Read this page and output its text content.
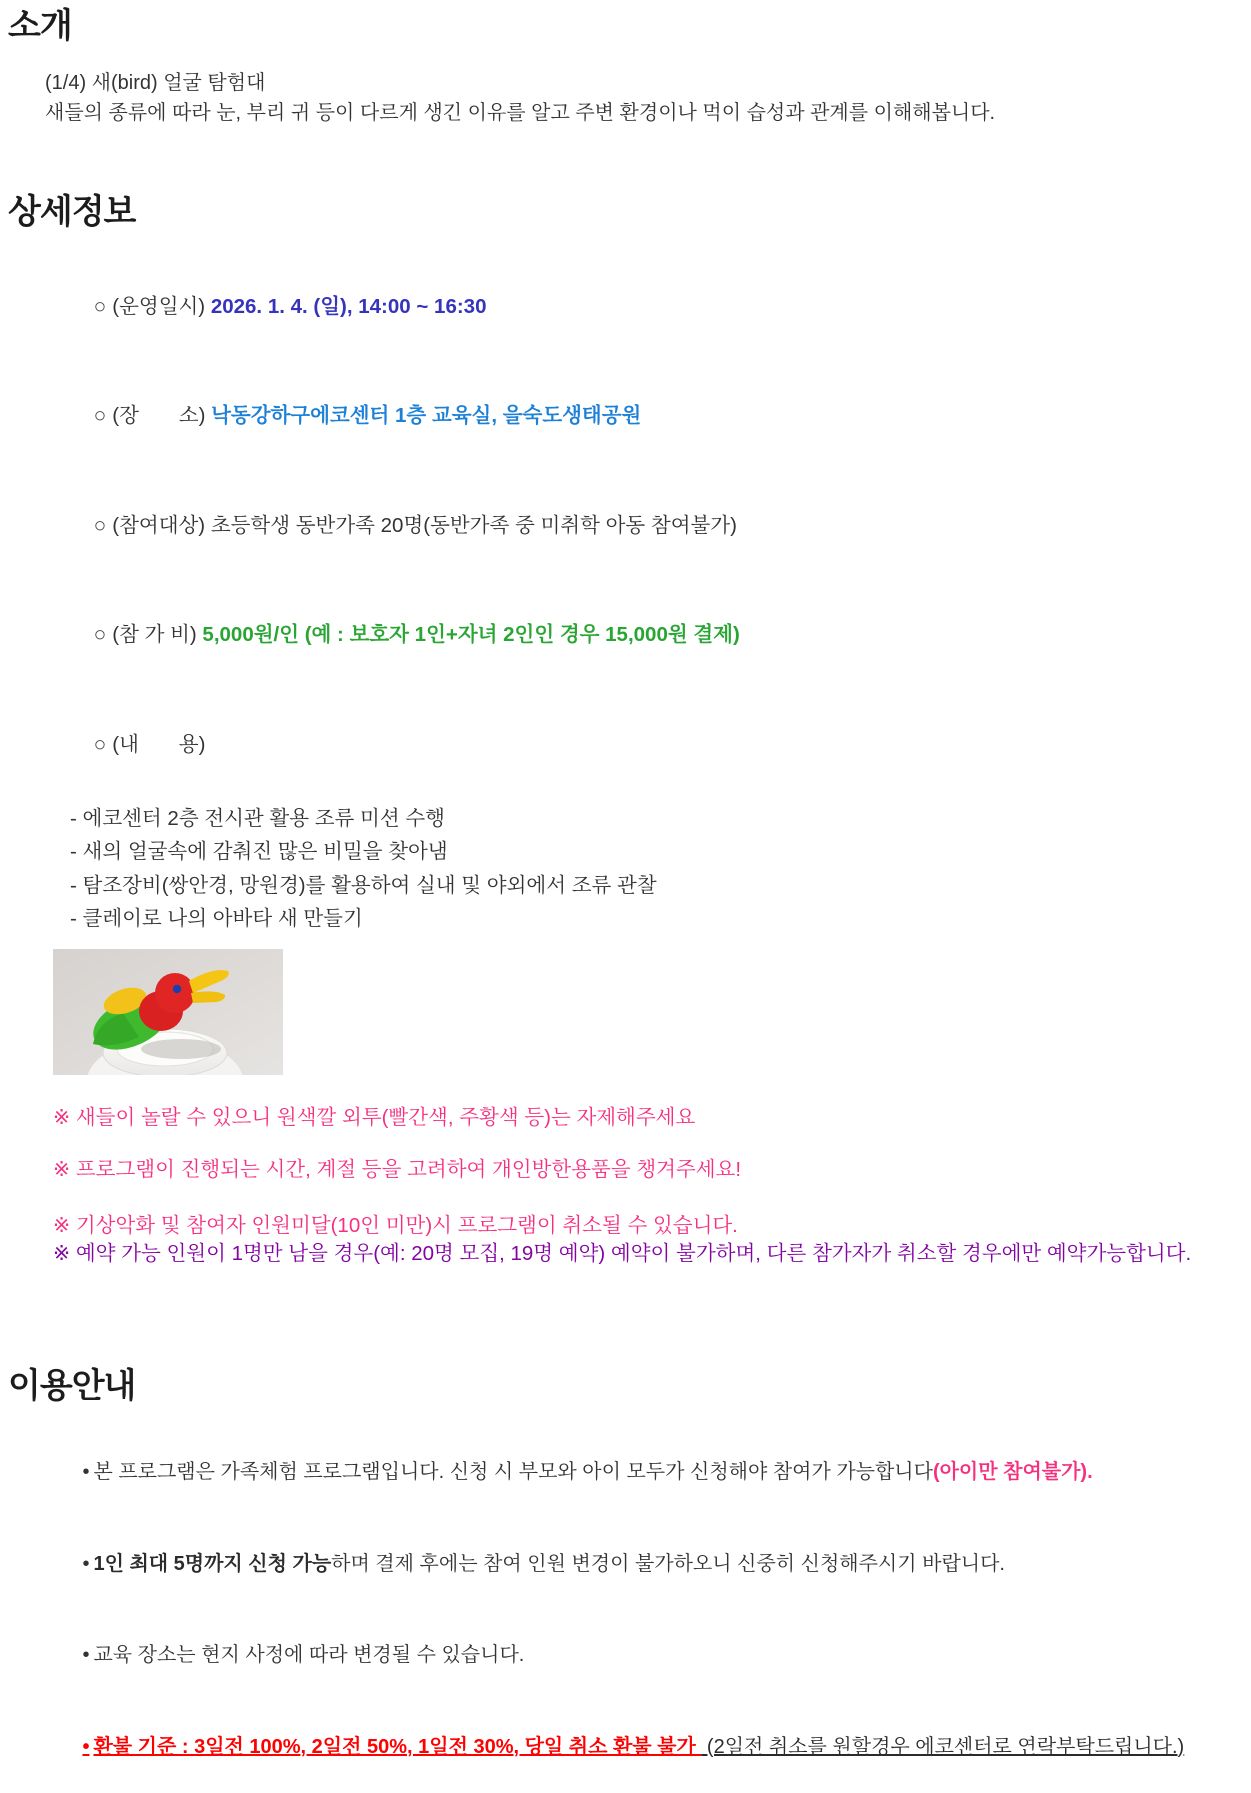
소개
(1/4) 새(bird) 얼굴 탐험대
새들의 종류에 따라 눈, 부리 귀 등이 다르게 생긴 이유를 알고 주변 환경이나 먹이 습성과 관계를 이해해봅니다.
상세정보

○ (운영일시) 2026. 1. 4. (일), 14:00 ~ 16:30

○ (장       소) 낙동강하구에코센터 1층 교육실, 을숙도생태공원

○ (참여대상) 초등학생 동반가족 20명(동반가족 중 미취학 아동 참여불가)

○ (참 가 비) 5,000원/인 (예 : 보호자 1인+자녀 2인인 경우 15,000원 결제)

○ (내       용)

- 에코센터 2층 전시관 활용 조류 미션 수행
- 새의 얼굴속에 감춰진 많은 비밀을 찾아냄
- 탐조장비(쌍안경, 망원경)를 활용하여 실내 및 야외에서 조류 관찰
- 클레이로 나의 아바타 새 만들기
※ 새들이 놀랄 수 있으니 원색깔 외투(빨간색, 주황색 등)는 자제해주세요
※ 프로그램이 진행되는 시간, 계절 등을 고려하여 개인방한용품을 챙겨주세요!
※ 기상악화 및 참여자 인원미달(10인 미만)시 프로그램이 취소될 수 있습니다.
※ 예약 가능 인원이 1명만 남을 경우(예: 20명 모집, 19명 예약) 예약이 불가하며, 다른 참가자가 취소할 경우에만 예약가능합니다.
이용안내

• 본 프로그램은 가족체험 프로그램입니다. 신청 시 부모와 아이 모두가 신청해야 참여가 가능합니다(아이만 참여불가).

• 1인 최대 5명까지 신청 가능하며 결제 후에는 참여 인원 변경이 불가하오니 신중히 신청해주시기 바랍니다.

• 교육 장소는 현지 사정에 따라 변경될 수 있습니다.

• 환불 기준 : 3일전 100%, 2일전 50%, 1일전 30%, 당일 취소 환불 불가  (2일전 취소를 원할경우 에코센터로 연락부탁드립니다.)
